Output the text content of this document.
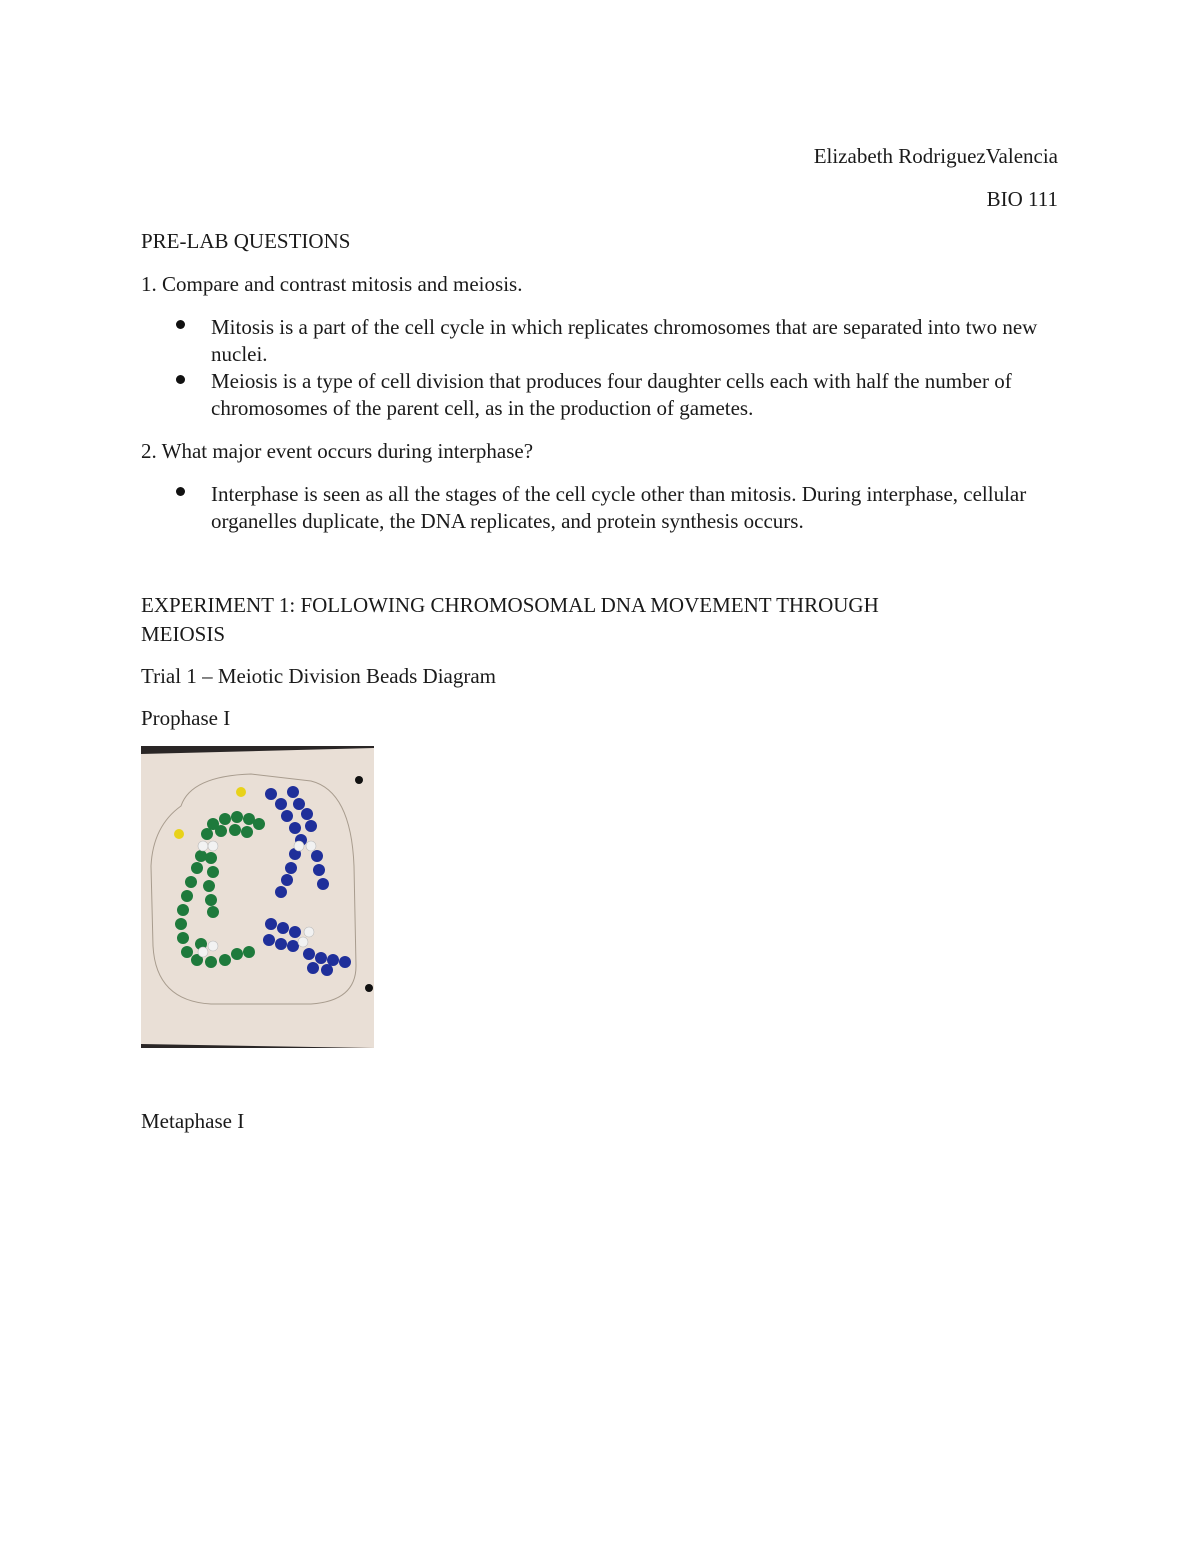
Elizabeth RodriguezValencia
BIO 111
PRE-LAB QUESTIONS
1. Compare and contrast mitosis and meiosis.
Mitosis is a part of the cell cycle in which replicates chromosomes that are separated into two new nuclei.
Meiosis is a type of cell division that produces four daughter cells each with half the number of chromosomes of the parent cell, as in the production of gametes.
2. What major event occurs during interphase?
Interphase is seen as all the stages of the cell cycle other than mitosis. During interphase, cellular organelles duplicate, the DNA replicates, and protein synthesis occurs.
EXPERIMENT 1: FOLLOWING CHROMOSOMAL DNA MOVEMENT THROUGH
MEIOSIS
Trial 1 – Meiotic Division Beads Diagram
Prophase I
Metaphase I
